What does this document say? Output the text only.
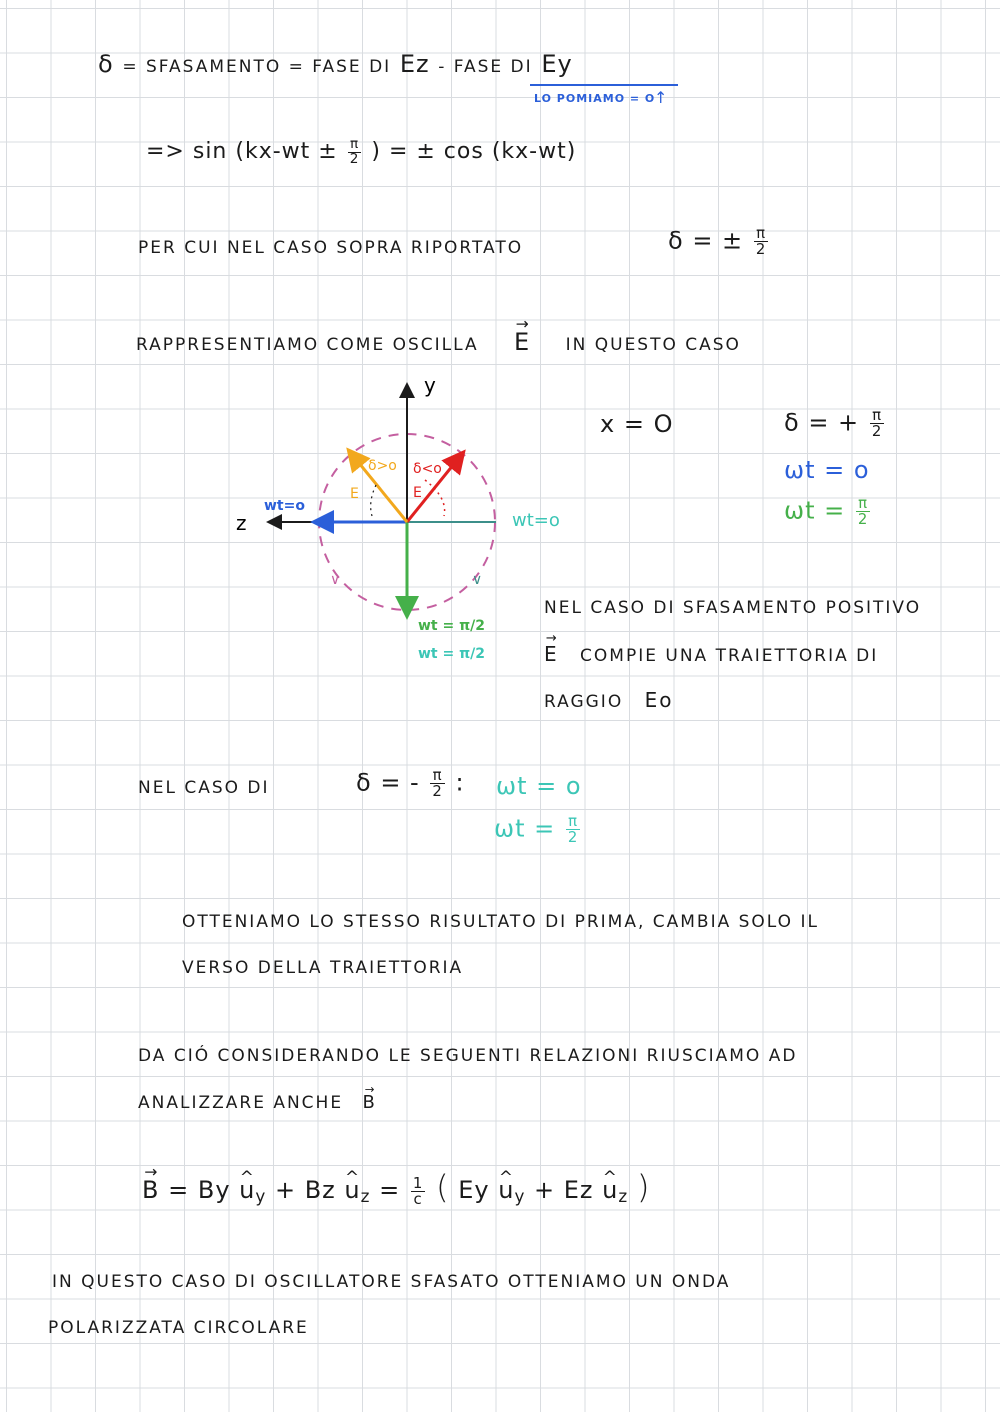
δ = SFASAMENTO = FASE DI Ez - FASE DI Ey
LO POMIAMO = O
↑
=> $\sin (kx-wt \pm \frac{\pi}{2}$ ) = ± cos (kx-wt)
PER CUI NEL CASO SOPRA RIPORTATO	δ = ± $\frac{\pi}{2}$
RAPPRESENTIAMO COME OSCILLA → E IN QUESTO CASO
y
z
wt=o
wt=o
δ<o
E
δ>o
E
∨	∨
wt = π/2
wt = π/2
x = O	δ = + $\frac{\pi}{2}$
ωt = o
$\omega t = \frac{\pi}{2}$
NEL CASO DI SFASAMENTO POSITIVO
→ E COMPIE UNA TRAIETTORIA DI
RAGGIO Eo
NEL CASO DI	δ = - $\frac{\pi}{2}$ : ωt = o
$\omega t = \frac{\pi}{2}$
OTTENIAMO LO STESSO RISULTATO DI PRIMA, CAMBIA SOLO IL
VERSO DELLA TRAIETTORIA
DA CIÓ CONSIDERANDO LE SEGUENTI RELAZIONI RIUSCIAMO AD
ANALIZZARE ANCHE → B
→ B = By ^ $u_y + Bz$ ^ $u_z = \frac{1}{c}$ ( Ey ^ $u_y + Ez$ ^ $u_z$ )
IN QUESTO CASO DI OSCILLATORE SFASATO OTTENIAMO UN ONDA
POLARIZZATA CIRCOLARE
